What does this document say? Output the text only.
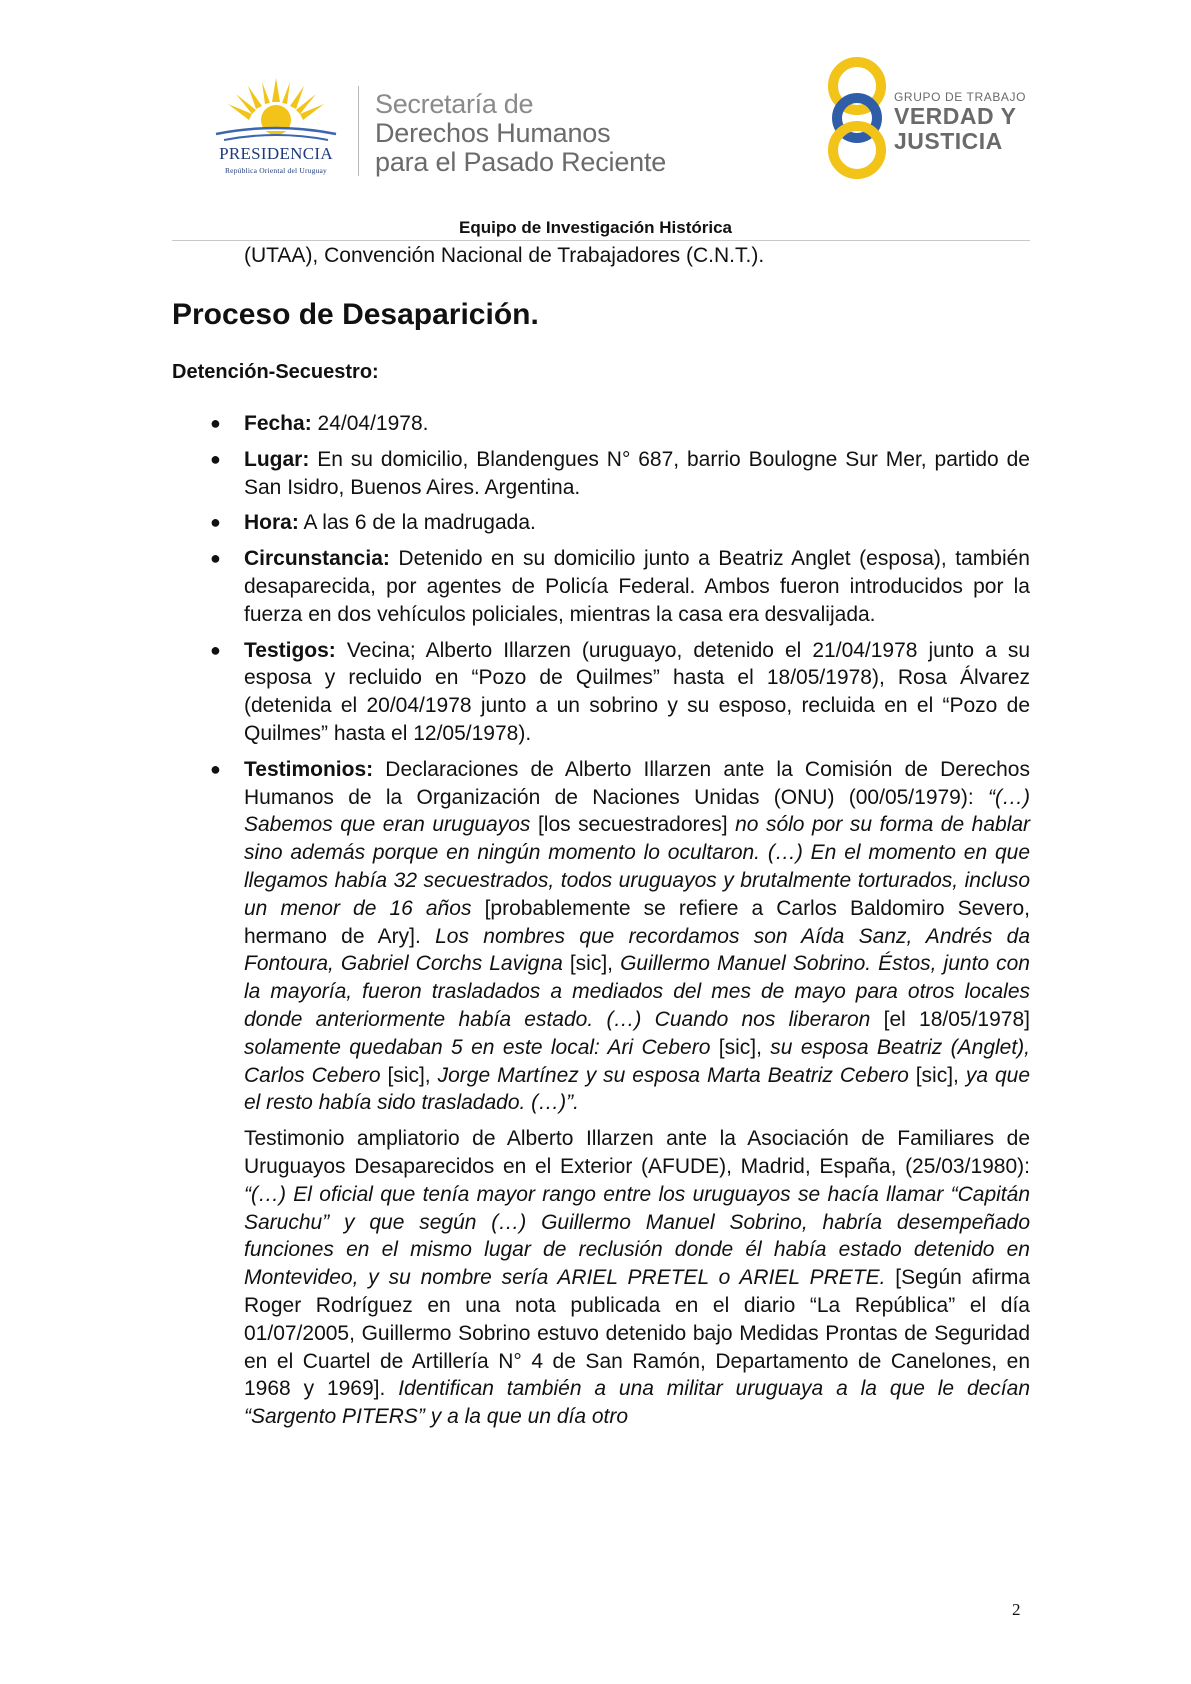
PRESIDENCIA
República Oriental del Uruguay
Secretaría de
Derechos Humanos
para el Pasado Reciente
GRUPO DE TRABAJO
VERDAD Y
JUSTICIA
Equipo de Investigación Histórica
(UTAA), Convención Nacional de Trabajadores (C.N.T.).
Proceso de Desaparición.
Detención-Secuestro:
● Fecha: 24/04/1978.
● Lugar: En su domicilio, Blandengues N° 687, barrio Boulogne Sur Mer, partido de San Isidro, Buenos Aires. Argentina.
● Hora: A las 6 de la madrugada.
● Circunstancia: Detenido en su domicilio junto a Beatriz Anglet (esposa), también desaparecida, por agentes de Policía Federal. Ambos fueron introducidos por la fuerza en dos vehículos policiales, mientras la casa era desvalijada.
● Testigos: Vecina; Alberto Illarzen (uruguayo, detenido el 21/04/1978 junto a su esposa y recluido en “Pozo de Quilmes” hasta el 18/05/1978), Rosa Álvarez (detenida el 20/04/1978 junto a un sobrino y su esposo, recluida en el “Pozo de Quilmes” hasta el 12/05/1978).
● Testimonios: Declaraciones de Alberto Illarzen ante la Comisión de Derechos Humanos de la Organización de Naciones Unidas (ONU) (00/05/1979): “(…) Sabemos que eran uruguayos [los secuestradores] no sólo por su forma de hablar sino además porque en ningún momento lo ocultaron. (…) En el momento en que llegamos había 32 secuestrados, todos uruguayos y brutalmente torturados, incluso un menor de 16 años [probablemente se refiere a Carlos Baldomiro Severo, hermano de Ary]. Los nombres que recordamos son Aída Sanz, Andrés da Fontoura, Gabriel Corchs Lavigna [sic], Guillermo Manuel Sobrino. Éstos, junto con la mayoría, fueron trasladados a mediados del mes de mayo para otros locales donde anteriormente había estado. (…) Cuando nos liberaron [el 18/05/1978] solamente quedaban 5 en este local: Ari Cebero [sic], su esposa Beatriz (Anglet), Carlos Cebero [sic], Jorge Martínez y su esposa Marta Beatriz Cebero [sic], ya que el resto había sido trasladado. (…)”.

Testimonio ampliatorio de Alberto Illarzen ante la Asociación de Familiares de Uruguayos Desaparecidos en el Exterior (AFUDE), Madrid, España, (25/03/1980): “(…) El oficial que tenía mayor rango entre los uruguayos se hacía llamar “Capitán Saruchu” y que según (…) Guillermo Manuel Sobrino, habría desempeñado funciones en el mismo lugar de reclusión donde él había estado detenido en Montevideo, y su nombre sería ARIEL PRETEL o ARIEL PRETE. [Según afirma Roger Rodríguez en una nota publicada en el diario “La República” el día 01/07/2005, Guillermo Sobrino estuvo detenido bajo Medidas Prontas de Seguridad en el Cuartel de Artillería N° 4 de San Ramón, Departamento de Canelones, en 1968 y 1969]. Identifican también a una militar uruguaya a la que le decían “Sargento PITERS” y a la que un día otro

2
